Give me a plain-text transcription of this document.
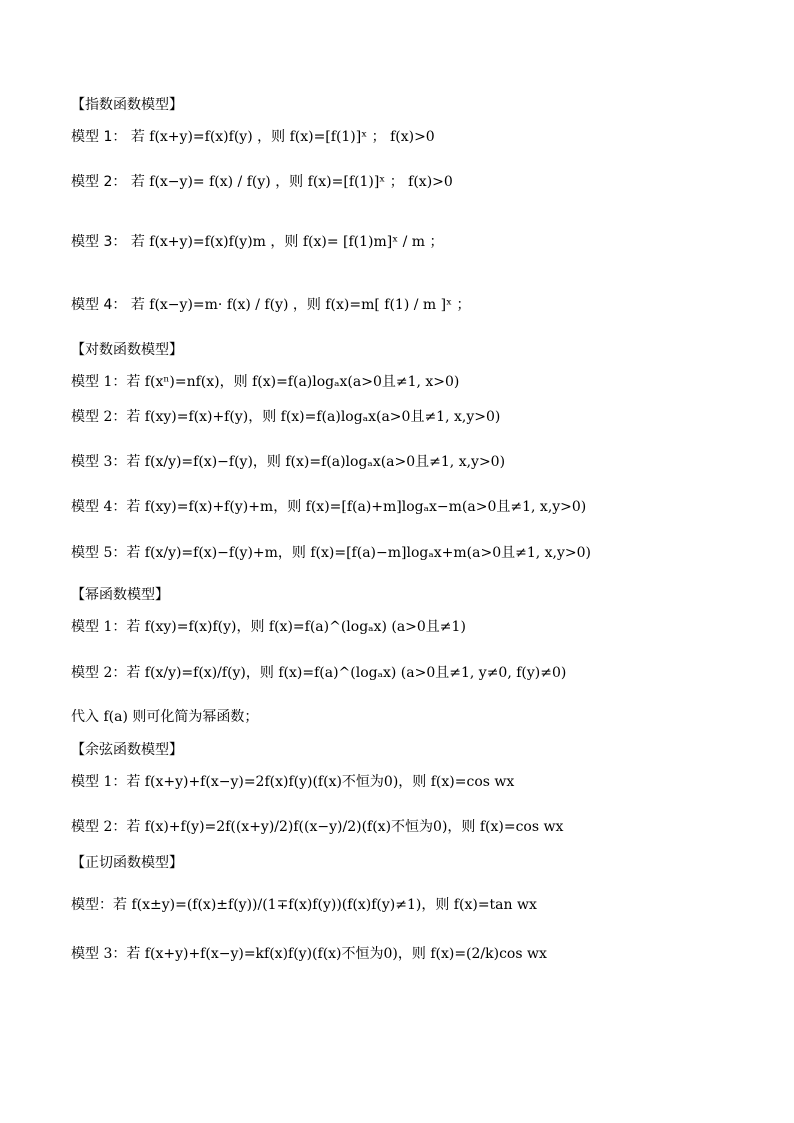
【指数函数模型】
模型 1： 若 f(x+y)=f(x)f(y) ，则 f(x)=[f(1)]ˣ ； f(x)>0
模型 2： 若 f(x−y)= f(x) / f(y) ，则 f(x)=[f(1)]ˣ ； f(x)>0
模型 3： 若 f(x+y)=f(x)f(y)m ，则 f(x)= [f(1)m]ˣ / m ；
模型 4： 若 f(x−y)=m· f(x) / f(y) ，则 f(x)=m[ f(1) / m ]ˣ ；
【对数函数模型】
模型 1：若 f(xⁿ)=nf(x)，则 f(x)=f(a)logₐx(a>0且≠1, x>0)
模型 2：若 f(xy)=f(x)+f(y)，则 f(x)=f(a)logₐx(a>0且≠1, x,y>0)
模型 3：若 f(x/y)=f(x)−f(y)，则 f(x)=f(a)logₐx(a>0且≠1, x,y>0)
模型 4：若 f(xy)=f(x)+f(y)+m，则 f(x)=[f(a)+m]logₐx−m(a>0且≠1, x,y>0)
模型 5：若 f(x/y)=f(x)−f(y)+m，则 f(x)=[f(a)−m]logₐx+m(a>0且≠1, x,y>0)
【幂函数模型】
模型 1：若 f(xy)=f(x)f(y)，则 f(x)=f(a)^(logₐx) (a>0且≠1)
模型 2：若 f(x/y)=f(x)/f(y)，则 f(x)=f(a)^(logₐx) (a>0且≠1, y≠0, f(y)≠0)
代入 f(a) 则可化简为幂函数；
【余弦函数模型】
模型 1：若 f(x+y)+f(x−y)=2f(x)f(y)(f(x)不恒为0)，则 f(x)=cos wx
模型 2：若 f(x)+f(y)=2f((x+y)/2)f((x−y)/2)(f(x)不恒为0)，则 f(x)=cos wx
【正切函数模型】
模型：若 f(x±y)=(f(x)±f(y))/(1∓f(x)f(y))(f(x)f(y)≠1)，则 f(x)=tan wx
模型 3：若 f(x+y)+f(x−y)=kf(x)f(y)(f(x)不恒为0)，则 f(x)=(2/k)cos wx
